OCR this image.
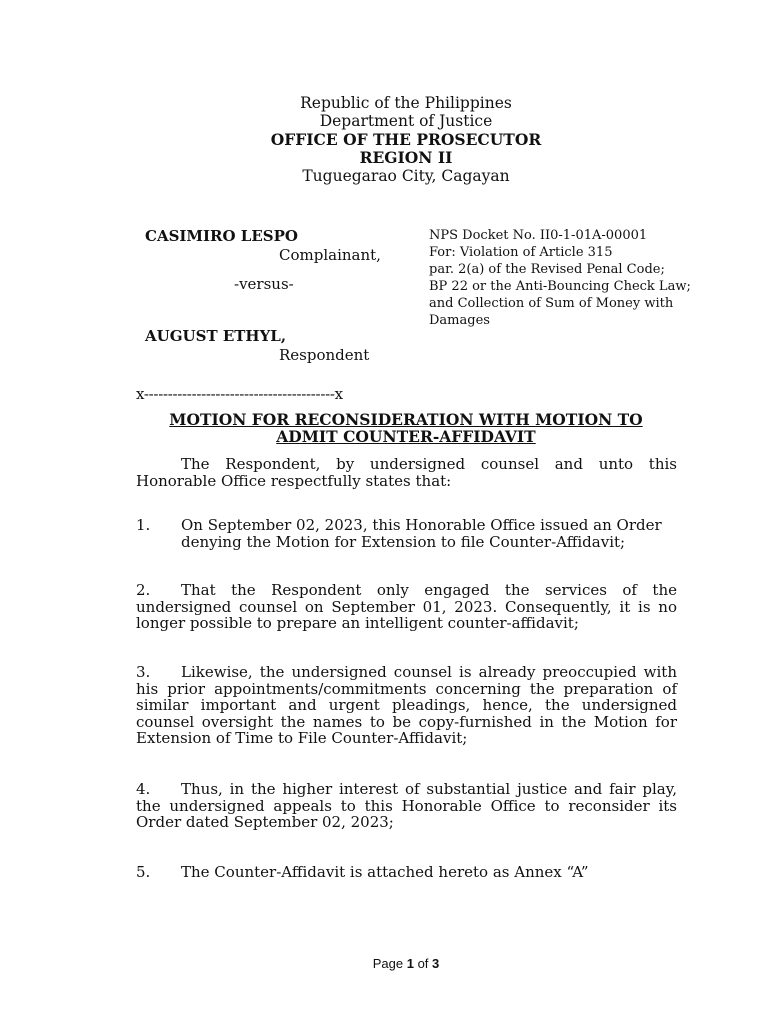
Republic of the Philippines
Department of Justice
OFFICE OF THE PROSECUTOR
REGION II
Tuguegarao City, Cagayan
CASIMIRO LESPO
Complainant,
-versus-
AUGUST ETHYL,
Respondent
NPS Docket No. II0-1-01A-00001
For: Violation of Article 315
par. 2(a) of the Revised Penal Code;
BP 22 or the Anti-Bouncing Check Law;
and Collection of Sum of Money with
Damages
x----------------------------------------x
MOTION FOR RECONSIDERATION WITH MOTION TO
ADMIT COUNTER-AFFIDAVIT
The Respondent, by undersigned counsel and unto this
Honorable Office respectfully states that:
1. On September 02, 2023, this Honorable Office issued an Order
denying the Motion for Extension to file Counter-Affidavit;
2. That the Respondent only engaged the services of the
undersigned counsel on September 01, 2023. Consequently, it is no
longer possible to prepare an intelligent counter-affidavit;
3. Likewise, the undersigned counsel is already preoccupied with
his prior appointments/commitments concerning the preparation of
similar important and urgent pleadings, hence, the undersigned
counsel oversight the names to be copy-furnished in the Motion for
Extension of Time to File Counter-Affidavit;
4. Thus, in the higher interest of substantial justice and fair play,
the undersigned appeals to this Honorable Office to reconsider its
Order dated September 02, 2023;
5. The Counter-Affidavit is attached hereto as Annex “A”
Page 1 of 3
